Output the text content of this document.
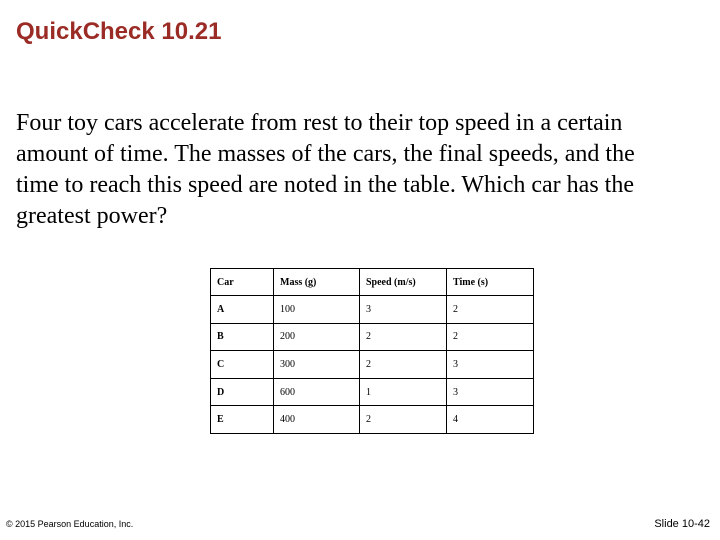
QuickCheck 10.21

Four toy cars accelerate from rest to their top speed in a certain amount of time. The masses of the cars, the final speeds, and the time to reach this speed are noted in the table. Which car has the greatest power?

Car	Mass (g)	Speed (m/s)	Time (s)
A	100	3	2
B	200	2	2
C	300	2	3
D	600	1	3
E	400	2	4
© 2015 Pearson Education, Inc.	Slide 10-42
